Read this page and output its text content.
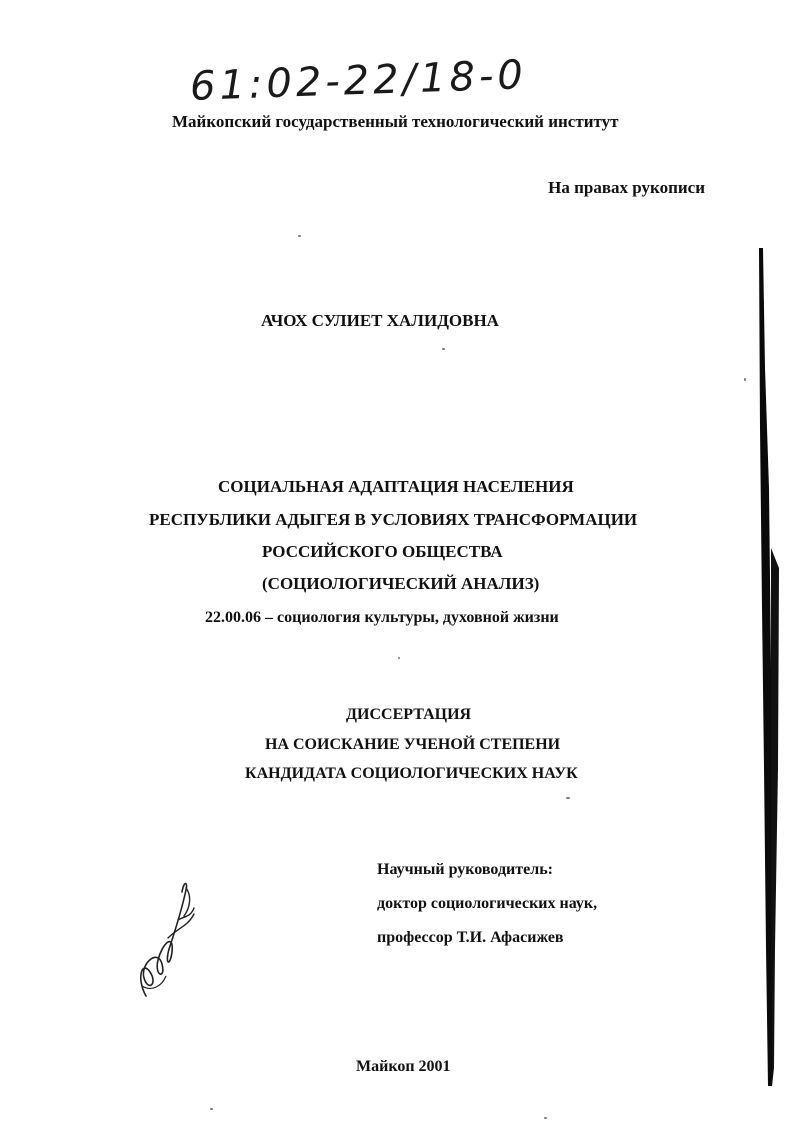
61:02-22/18-0
Майкопский государственный технологический институт
На правах рукописи
АЧОХ СУЛИЕТ ХАЛИДОВНА
СОЦИАЛЬНАЯ АДАПТАЦИЯ НАСЕЛЕНИЯ
РЕСПУБЛИКИ АДЫГЕЯ В УСЛОВИЯХ ТРАНСФОРМАЦИИ
РОССИЙСКОГО ОБЩЕСТВА
(СОЦИОЛОГИЧЕСКИЙ АНАЛИЗ)
22.00.06 – социология культуры, духовной жизни
ДИССЕРТАЦИЯ
НА СОИСКАНИЕ УЧЕНОЙ СТЕПЕНИ
КАНДИДАТА СОЦИОЛОГИЧЕСКИХ НАУК
Научный руководитель:
доктор социологических наук,
профессор Т.И. Афасижев
Майкоп 2001
